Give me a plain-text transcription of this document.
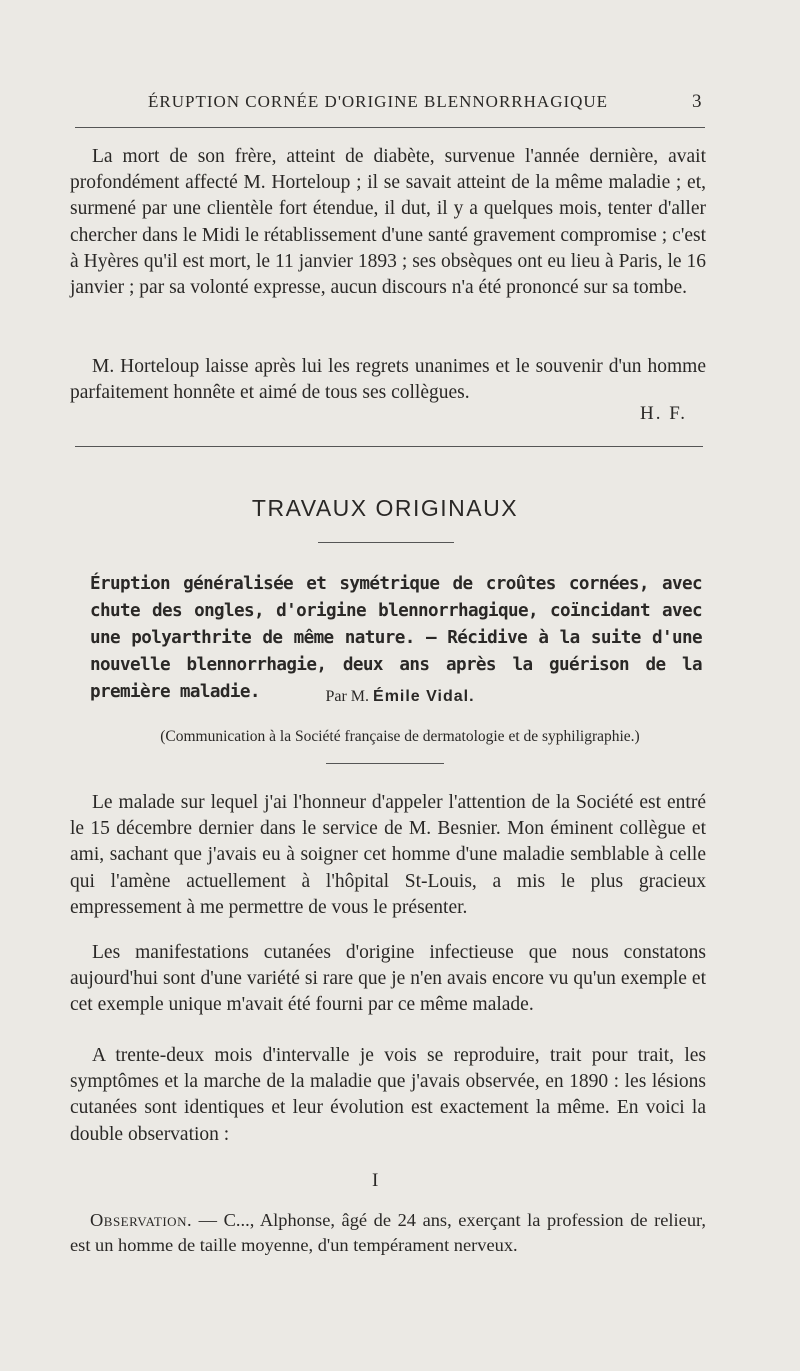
ÉRUPTION CORNÉE D'ORIGINE BLENNORRHAGIQUE	3

La mort de son frère, atteint de diabète, survenue l'année dernière, avait profondément affecté M. Horteloup ; il se savait atteint de la même maladie ; et, surmené par une clientèle fort étendue, il dut, il y a quelques mois, tenter d'aller chercher dans le Midi le rétablissement d'une santé gravement compromise ; c'est à Hyères qu'il est mort, le 11 janvier 1893 ; ses obsèques ont eu lieu à Paris, le 16 janvier ; par sa volonté expresse, aucun discours n'a été prononcé sur sa tombe.

M. Horteloup laisse après lui les regrets unanimes et le souvenir d'un homme parfaitement honnête et aimé de tous ses collègues.

H. F.
TRAVAUX ORIGINAUX

Éruption généralisée et symétrique de croûtes cornées, avec chute des ongles, d'origine blennorrhagique, coïncidant avec une polyarthrite de même nature. — Récidive à la suite d'une nouvelle blennorrhagie, deux ans après la guérison de la première maladie.	Par M. Émile Vidal.
(Communication à la Société française de dermatologie et de syphiligraphie.)

Le malade sur lequel j'ai l'honneur d'appeler l'attention de la Société est entré le 15 décembre dernier dans le service de M. Besnier. Mon éminent collègue et ami, sachant que j'avais eu à soigner cet homme d'une maladie semblable à celle qui l'amène actuellement à l'hôpital St-Louis, a mis le plus gracieux empressement à me permettre de vous le présenter.

Les manifestations cutanées d'origine infectieuse que nous constatons aujourd'hui sont d'une variété si rare que je n'en avais encore vu qu'un exemple et cet exemple unique m'avait été fourni par ce même malade.

A trente-deux mois d'intervalle je vois se reproduire, trait pour trait, les symptômes et la marche de la maladie que j'avais observée, en 1890 : les lésions cutanées sont identiques et leur évolution est exactement la même. En voici la double observation :

I

Observation. — C..., Alphonse, âgé de 24 ans, exerçant la profession de relieur, est un homme de taille moyenne, d'un tempérament nerveux.
